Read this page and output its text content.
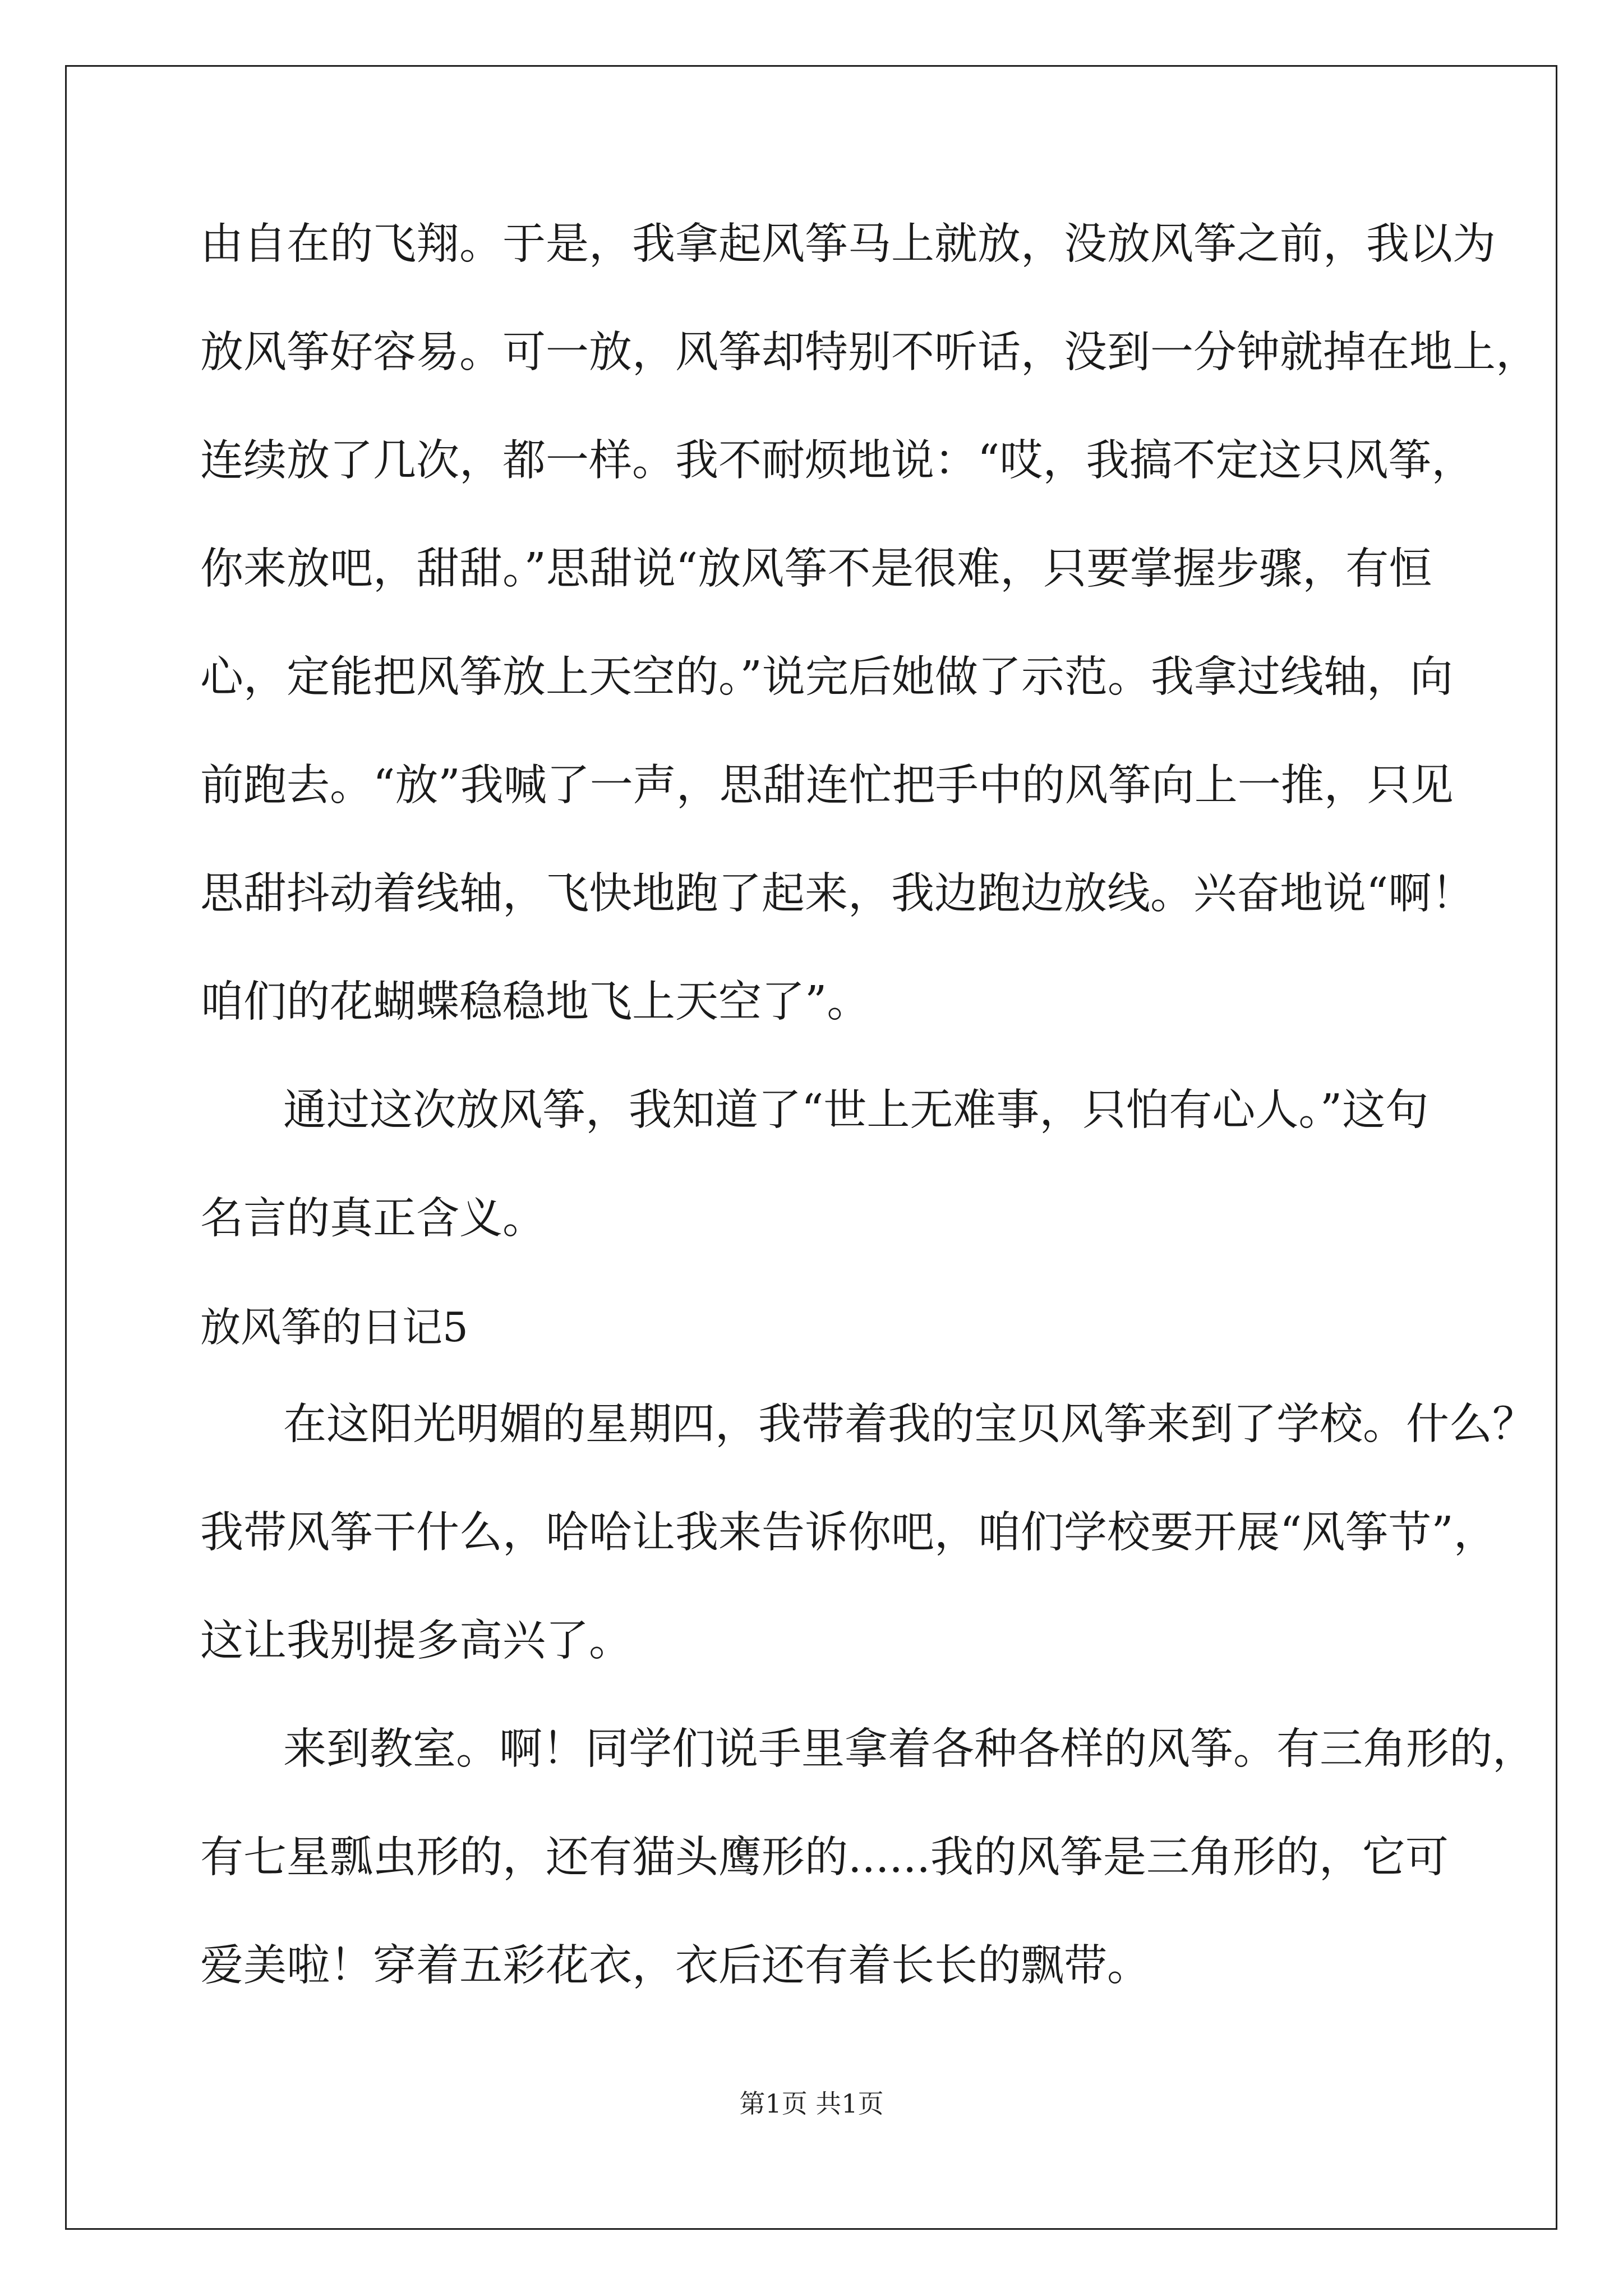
由自在的飞翔。于是，我拿起风筝马上就放，没放风筝之前，我以为
放风筝好容易。可一放，风筝却特别不听话，没到一分钟就掉在地上，
连续放了几次，都一样。我不耐烦地说：“哎，我搞不定这只风筝，
你来放吧，甜甜。”思甜说“放风筝不是很难，只要掌握步骤，有恒
心，定能把风筝放上天空的。”说完后她做了示范。我拿过线轴，向
前跑去。“放”我喊了一声，思甜连忙把手中的风筝向上一推，只见
思甜抖动着线轴，飞快地跑了起来，我边跑边放线。兴奋地说“啊！
咱们的花蝴蝶稳稳地飞上天空了”。
通过这次放风筝，我知道了“世上无难事，只怕有心人。”这句
名言的真正含义。
放风筝的日记5
在这阳光明媚的星期四，我带着我的宝贝风筝来到了学校。什么？
我带风筝干什么，哈哈让我来告诉你吧，咱们学校要开展“风筝节”，
这让我别提多高兴了。
来到教室。啊！同学们说手里拿着各种各样的风筝。有三角形的，
有七星瓢虫形的，还有猫头鹰形的......我的风筝是三角形的，它可
爱美啦！穿着五彩花衣，衣后还有着长长的飘带。
第1页 共1页
